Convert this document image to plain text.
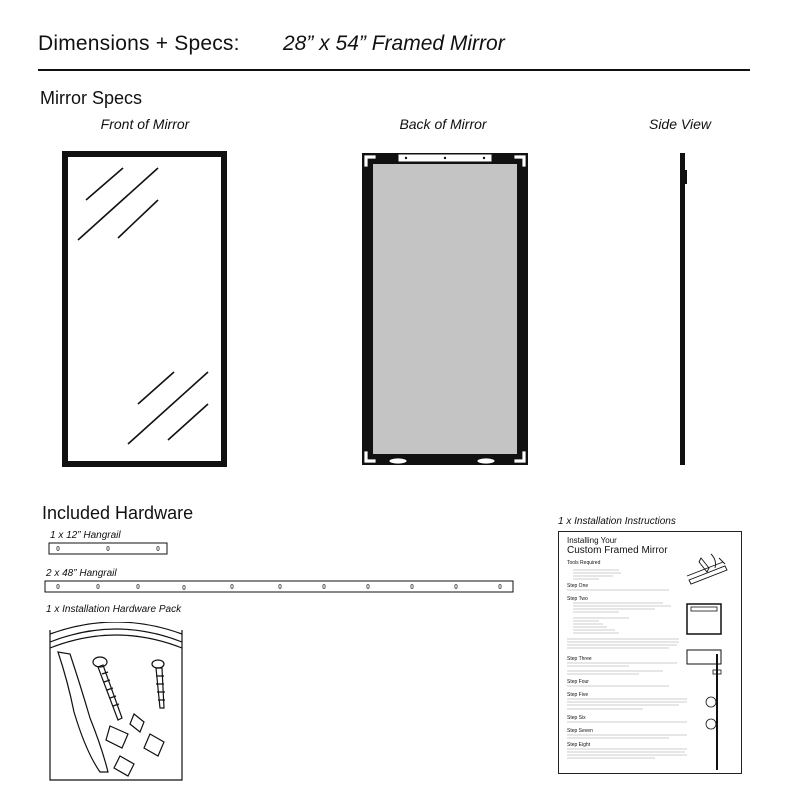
Dimensions + Specs: 28” x 54” Framed Mirror
Mirror Specs
Front of Mirror	Back of Mirror	Side View
Included Hardware
1 x 12” Hangrail
2 x 48” Hangrail
1 x Installation Hardware Pack
1 x Installation Instructions
Installing Your
Custom Framed Mirror
Tools Required
Step One
Step Two
Step Three
Step Four
Step Five
Step Six
Step Seven
Step Eight
